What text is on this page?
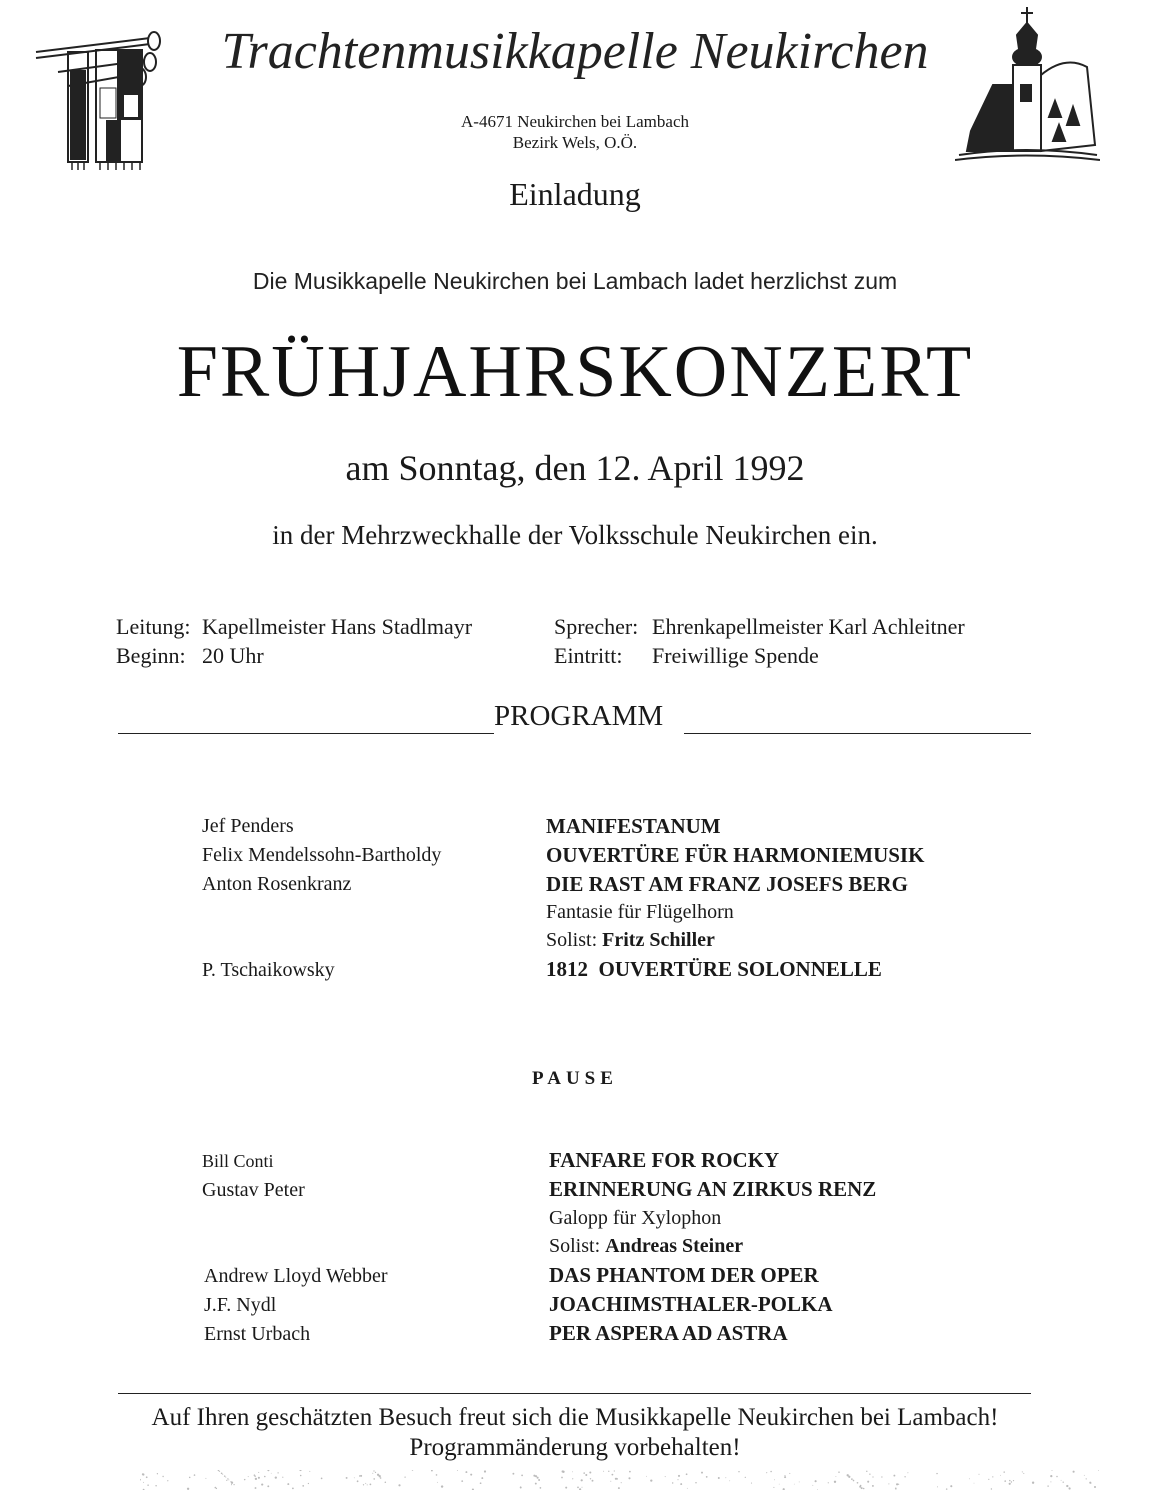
Trachtenmusikkapelle Neukirchen
A-4671 Neukirchen bei Lambach
Bezirk Wels, O.Ö.
Einladung
Die Musikkapelle Neukirchen bei Lambach ladet herzlichst zum
FRÜHJAHRSKONZERT
am Sonntag, den 12. April 1992
in der Mehrzweckhalle der Volksschule Neukirchen ein.
Leitung: Kapellmeister Hans Stadlmayr
Beginn: 20 Uhr
Sprecher: Ehrenkapellmeister Karl Achleitner
Eintritt: Freiwillige Spende
PROGRAMM
Jef Penders	MANIFESTANUM
Felix Mendelssohn-Bartholdy	OUVERTÜRE FÜR HARMONIEMUSIK
Anton Rosenkranz	DIE RAST AM FRANZ JOSEFS BERG
Fantasie für Flügelhorn
Solist: Fritz Schiller
P. Tschaikowsky	1812  OUVERTÜRE SOLONNELLE
PAUSE
Bill Conti	FANFARE FOR ROCKY
Gustav Peter	ERINNERUNG AN ZIRKUS RENZ
Galopp für Xylophon
Solist: Andreas Steiner
Andrew Lloyd Webber	DAS PHANTOM DER OPER
J.F. Nydl	JOACHIMSTHALER-POLKA
Ernst Urbach	PER ASPERA AD ASTRA
Auf Ihren geschätzten Besuch freut sich die Musikkapelle Neukirchen bei Lambach!
Programmänderung vorbehalten!
